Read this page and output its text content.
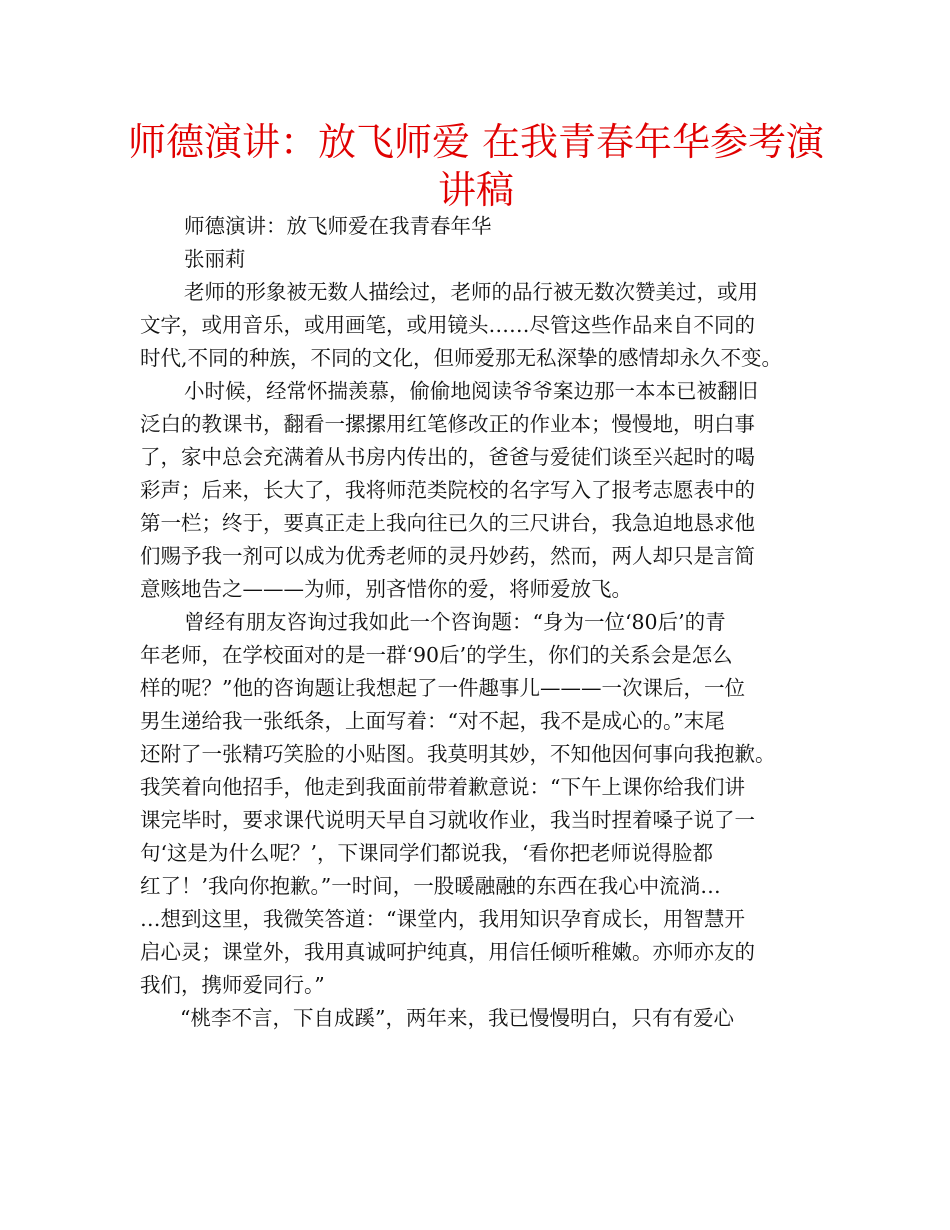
师德演讲：放飞师爱 在我青春年华参考演
讲稿
师德演讲：放飞师爱在我青春年华
张丽莉
老师的形象被无数人描绘过，老师的品行被无数次赞美过，或用
文字，或用音乐，或用画笔，或用镜头……尽管这些作品来自不同的
时代,不同的种族，不同的文化，但师爱那无私深挚的感情却永久不变。
小时候，经常怀揣羡慕，偷偷地阅读爷爷案边那一本本已被翻旧
泛白的教课书，翻看一摞摞用红笔修改正的作业本；慢慢地，明白事
了，家中总会充满着从书房内传出的，爸爸与爱徒们谈至兴起时的喝
彩声；后来，长大了，我将师范类院校的名字写入了报考志愿表中的
第一栏；终于，要真正走上我向往已久的三尺讲台，我急迫地恳求他
们赐予我一剂可以成为优秀老师的灵丹妙药，然而，两人却只是言简
意赅地告之———为师，别吝惜你的爱，将师爱放飞。
曾经有朋友咨询过我如此一个咨询题：“身为一位‘80后’的青
年老师，在学校面对的是一群‘90后’的学生，你们的关系会是怎么
样的呢？”他的咨询题让我想起了一件趣事儿———一次课后，一位
男生递给我一张纸条，上面写着：“对不起，我不是成心的。”末尾
还附了一张精巧笑脸的小贴图。我莫明其妙，不知他因何事向我抱歉。
我笑着向他招手，他走到我面前带着歉意说：“下午上课你给我们讲
课完毕时，要求课代说明天早自习就收作业，我当时捏着嗓子说了一
句‘这是为什么呢？’，下课同学们都说我，‘看你把老师说得脸都
红了！’我向你抱歉。”一时间，一股暖融融的东西在我心中流淌…
…想到这里，我微笑答道：“课堂内，我用知识孕育成长，用智慧开
启心灵；课堂外，我用真诚呵护纯真，用信任倾听稚嫩。亦师亦友的
我们，携师爱同行。”
“桃李不言，下自成蹊”，两年来，我已慢慢明白，只有有爱心
